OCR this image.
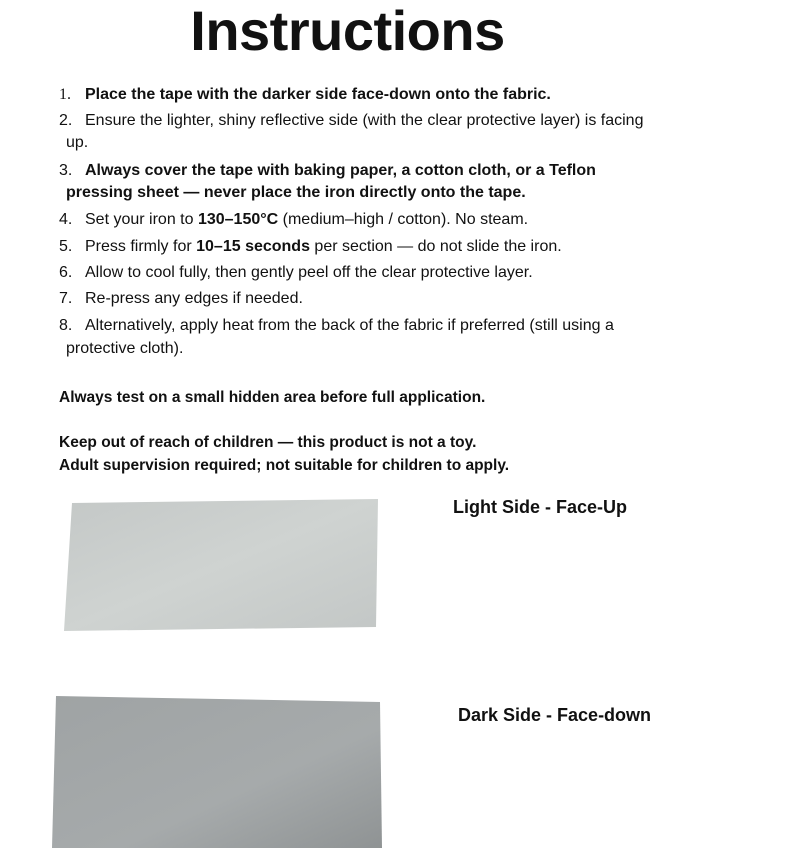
Instructions
1. Place the tape with the darker side face-down onto the fabric.
2. Ensure the lighter, shiny reflective side (with the clear protective layer) is facing
up.
3. Always cover the tape with baking paper, a cotton cloth, or a Teflon
pressing sheet — never place the iron directly onto the tape.
4. Set your iron to 130–150°C (medium–high / cotton). No steam.
5. Press firmly for 10–15 seconds per section — do not slide the iron.
6. Allow to cool fully, then gently peel off the clear protective layer.
7. Re-press any edges if needed.
8. Alternatively, apply heat from the back of the fabric if preferred (still using a
protective cloth).
Always test on a small hidden area before full application.
Keep out of reach of children — this product is not a toy.
Adult supervision required; not suitable for children to apply.
Light Side - Face-Up
Dark Side - Face-down
